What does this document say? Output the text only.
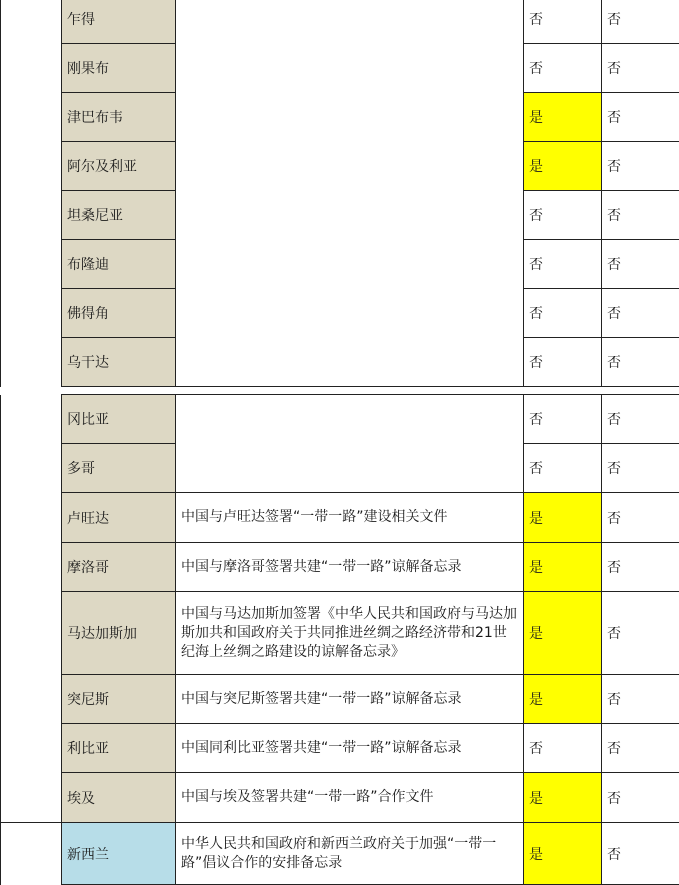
	乍得		否	否
	刚果布		否	否
	津巴布韦		是	否
	阿尔及利亚		是	否
	坦桑尼亚		否	否
	布隆迪		否	否
	佛得角		否	否
	乌干达		否	否
	冈比亚		否	否
	多哥		否	否
	卢旺达	中国与卢旺达签署“一带一路”建设相关文件	是	否
	摩洛哥	中国与摩洛哥签署共建“一带一路”谅解备忘录	是	否
	马达加斯加	中国与马达加斯加签署《中华人民共和国政府与马达加斯加共和国政府关于共同推进丝绸之路经济带和21世纪海上丝绸之路建设的谅解备忘录》	是	否
	突尼斯	中国与突尼斯签署共建“一带一路”谅解备忘录	是	否
	利比亚	中国同利比亚签署共建“一带一路”谅解备忘录	否	否
	埃及	中国与埃及签署共建“一带一路”合作文件	是	否
	新西兰	中华人民共和国政府和新西兰政府关于加强“一带一路”倡议合作的安排备忘录	是	否
